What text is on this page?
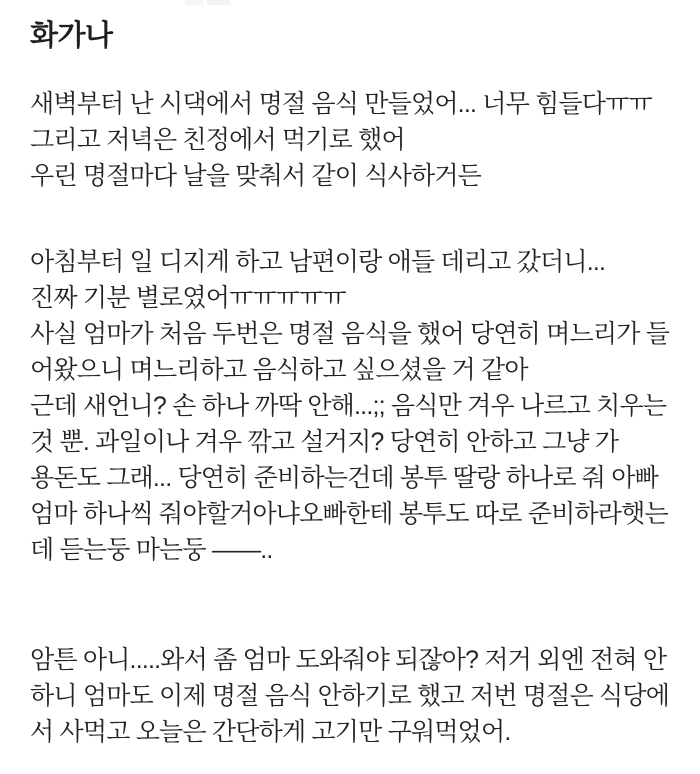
화가나
새벽부터 난 시댁에서 명절 음식 만들었어... 너무 힘들다ㅠㅠ
그리고 저녁은 친정에서 먹기로 했어
우린 명절마다 날을 맞춰서 같이 식사하거든
아침부터 일 디지게 하고 남편이랑 애들 데리고 갔더니...
진짜 기분 별로였어ㅠㅠㅠㅠㅠ
사실 엄마가 처음 두번은 명절 음식을 했어 당연히 며느리가 들
어왔으니 며느리하고 음식하고 싶으셨을 거 같아
근데 새언니? 손 하나 까딱 안해...;; 음식만 겨우 나르고 치우는
것 뿐. 과일이나 겨우 깎고 설거지? 당연히 안하고 그냥 가
용돈도 그래... 당연히 준비하는건데 봉투 딸랑 하나로 줘 아빠
엄마 하나씩 줘야할거아냐오빠한테 봉투도 따로 준비하라햇는
데 듣는둥 마는둥 ——..
암튼 아니.....와서 좀 엄마 도와줘야 되잖아? 저거 외엔 전혀 안
하니 엄마도 이제 명절 음식 안하기로 했고 저번 명절은 식당에
서 사먹고 오늘은 간단하게 고기만 구워먹었어.
